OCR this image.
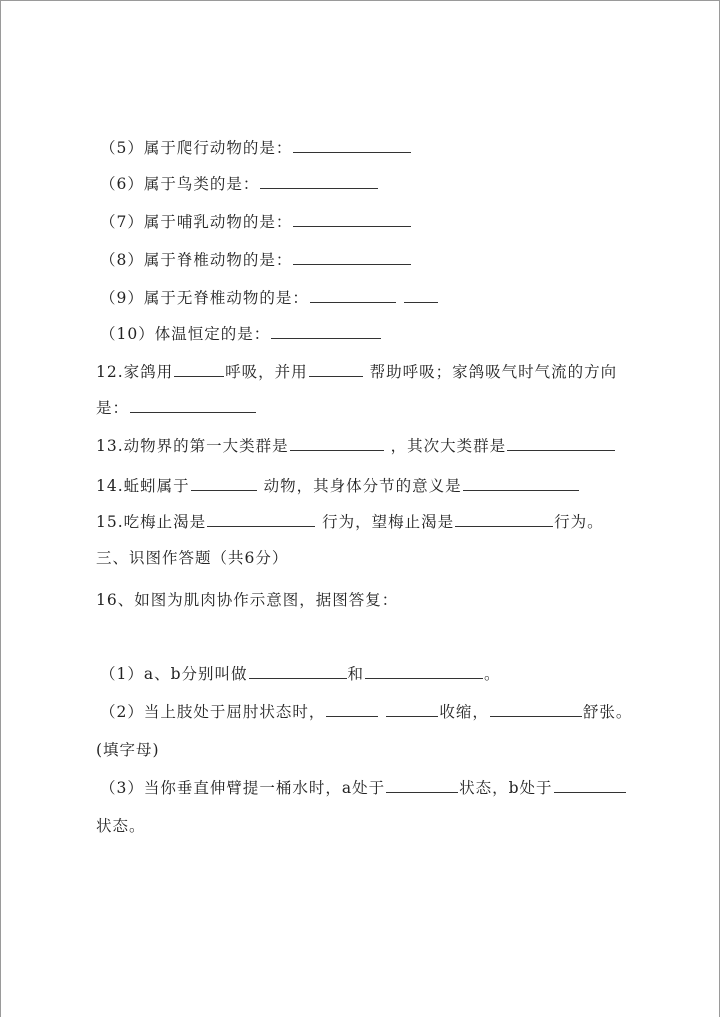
（5）属于爬行动物的是：
（6）属于鸟类的是：
（7）属于哺乳动物的是：
（8）属于脊椎动物的是：
（9）属于无脊椎动物的是：
（10）体温恒定的是：
12.家鸽用	呼吸，并用	帮助呼吸；家鸽吸气时气流的方向
是：
13.动物界的第一大类群是	，其次大类群是
14.蚯蚓属于	动物，其身体分节的意义是
15.吃梅止渴是	行为，望梅止渴是	行为。
三、识图作答题（共6分）
16、如图为肌肉协作示意图，据图答复：
（1）a、b分别叫做	和	。
（2）当上肢处于屈肘状态时，	收缩，	舒张。
(填字母)
（3）当你垂直伸臂提一桶水时，a处于	状态，b处于
状态。
